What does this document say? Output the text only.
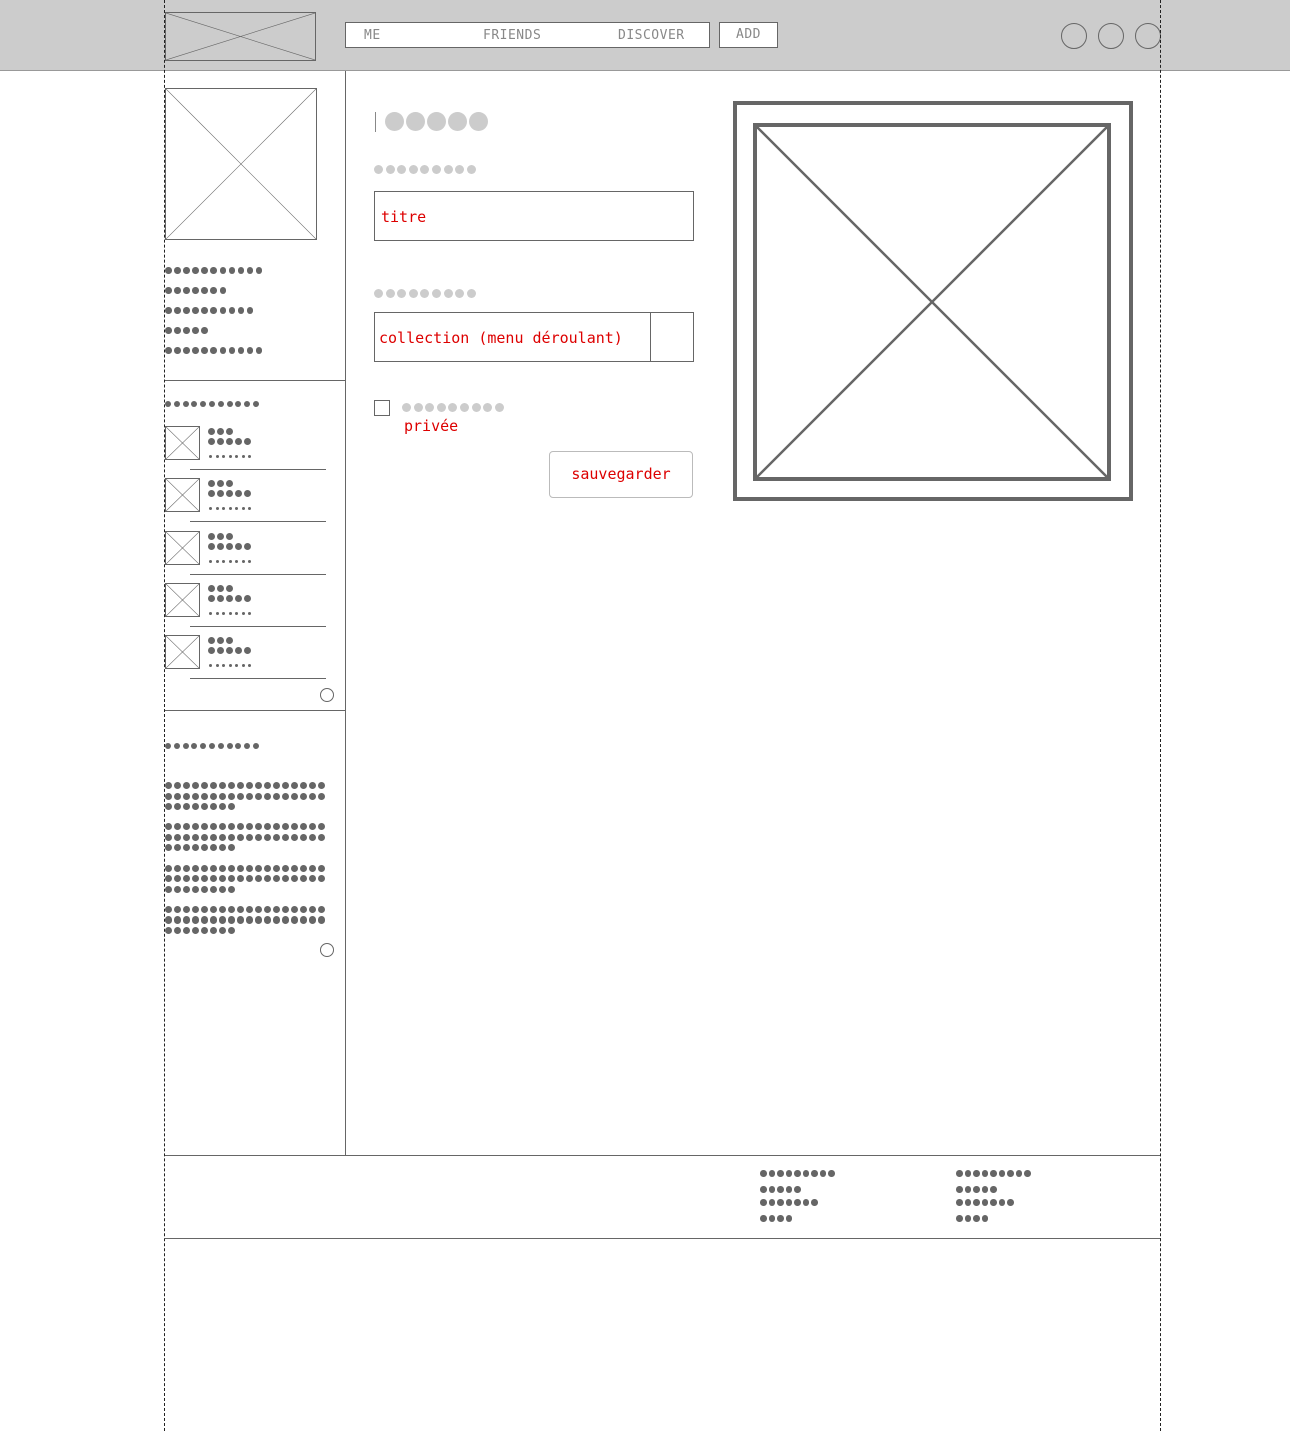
ME	FRIENDS	DISCOVER	ADD
titre
collection (menu déroulant)
privée
sauvegarder
